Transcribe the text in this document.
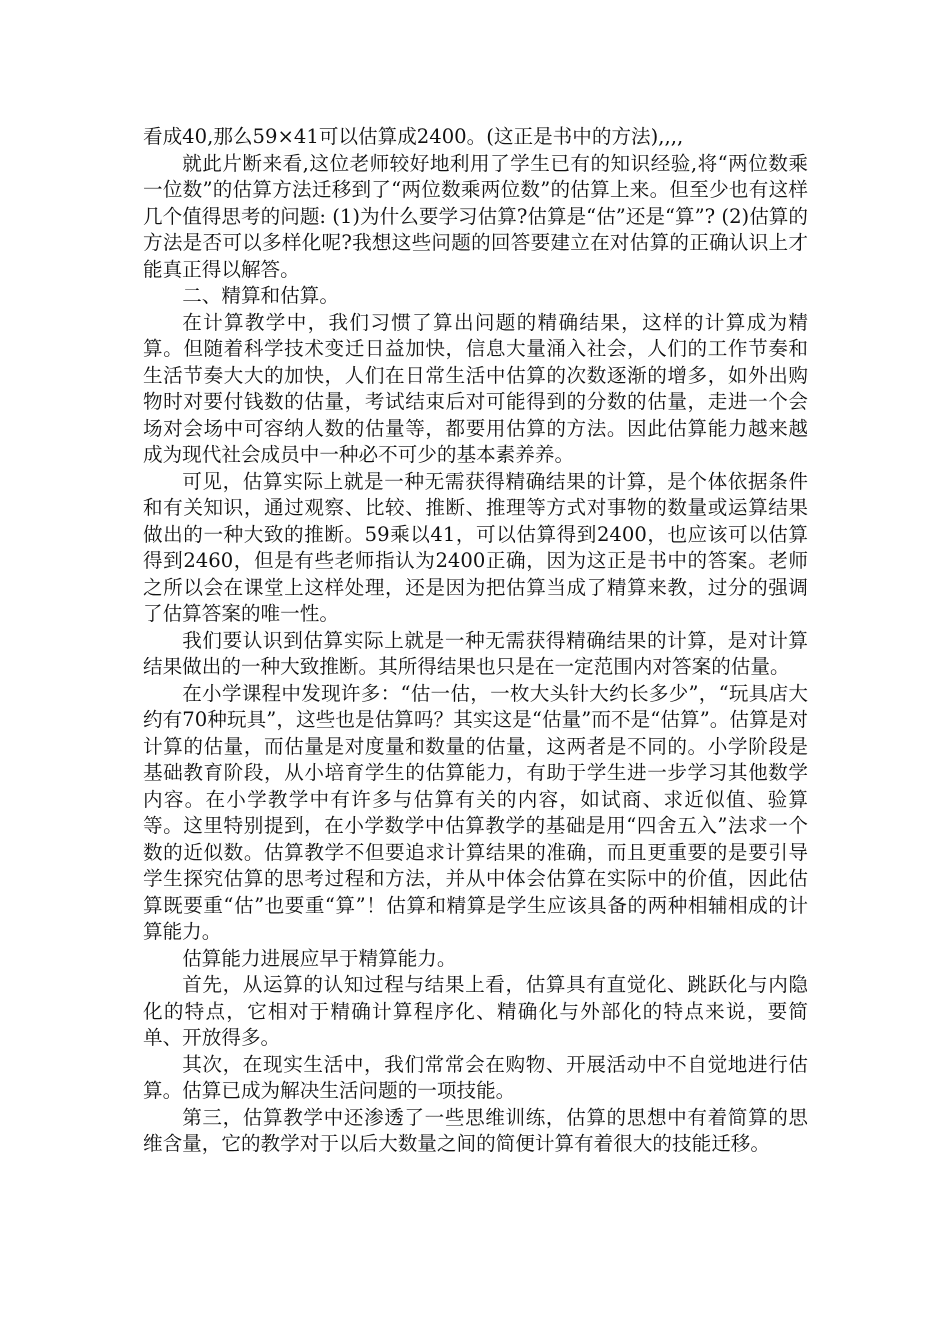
看成40,那么59×41可以估算成2400。(这正是书中的方法),,,,

就此片断来看,这位老师较好地利用了学生已有的知识经验,将“两位数乘一位数”的估算方法迁移到了“两位数乘两位数”的估算上来。但至少也有这样几个值得思考的问题: (1)为什么要学习估算?估算是“估”还是“算”? (2)估算的方法是否可以多样化呢?我想这些问题的回答要建立在对估算的正确认识上才能真正得以解答。

二、精算和估算。

在计算教学中，我们习惯了算出问题的精确结果，这样的计算成为精算。但随着科学技术变迁日益加快，信息大量涌入社会，人们的工作节奏和生活节奏大大的加快，人们在日常生活中估算的次数逐渐的增多，如外出购物时对要付钱数的估量，考试结束后对可能得到的分数的估量，走进一个会场对会场中可容纳人数的估量等，都要用估算的方法。因此估算能力越来越成为现代社会成员中一种必不可少的基本素养养。

可见，估算实际上就是一种无需获得精确结果的计算，是个体依据条件和有关知识，通过观察、比较、推断、推理等方式对事物的数量或运算结果做出的一种大致的推断。59乘以41，可以估算得到2400，也应该可以估算得到2460，但是有些老师指认为2400正确，因为这正是书中的答案。老师之所以会在课堂上这样处理，还是因为把估算当成了精算来教，过分的强调了估算答案的唯一性。

我们要认识到估算实际上就是一种无需获得精确结果的计算，是对计算结果做出的一种大致推断。其所得结果也只是在一定范围内对答案的估量。

在小学课程中发现许多：“估一估，一枚大头针大约长多少”，“玩具店大约有70种玩具”，这些也是估算吗？其实这是“估量”而不是“估算”。估算是对计算的估量，而估量是对度量和数量的估量，这两者是不同的。小学阶段是基础教育阶段，从小培育学生的估算能力，有助于学生进一步学习其他数学内容。在小学教学中有许多与估算有关的内容，如试商、求近似值、验算等。这里特别提到，在小学数学中估算教学的基础是用“四舍五入”法求一个数的近似数。估算教学不但要追求计算结果的准确，而且更重要的是要引导学生探究估算的思考过程和方法，并从中体会估算在实际中的价值，因此估算既要重“估”也要重“算”！估算和精算是学生应该具备的两种相辅相成的计算能力。

估算能力进展应早于精算能力。

首先，从运算的认知过程与结果上看，估算具有直觉化、跳跃化与内隐化的特点，它相对于精确计算程序化、精确化与外部化的特点来说，要简单、开放得多。

其次，在现实生活中，我们常常会在购物、开展活动中不自觉地进行估算。估算已成为解决生活问题的一项技能。

第三，估算教学中还渗透了一些思维训练，估算的思想中有着简算的思维含量，它的教学对于以后大数量之间的简便计算有着很大的技能迁移。
